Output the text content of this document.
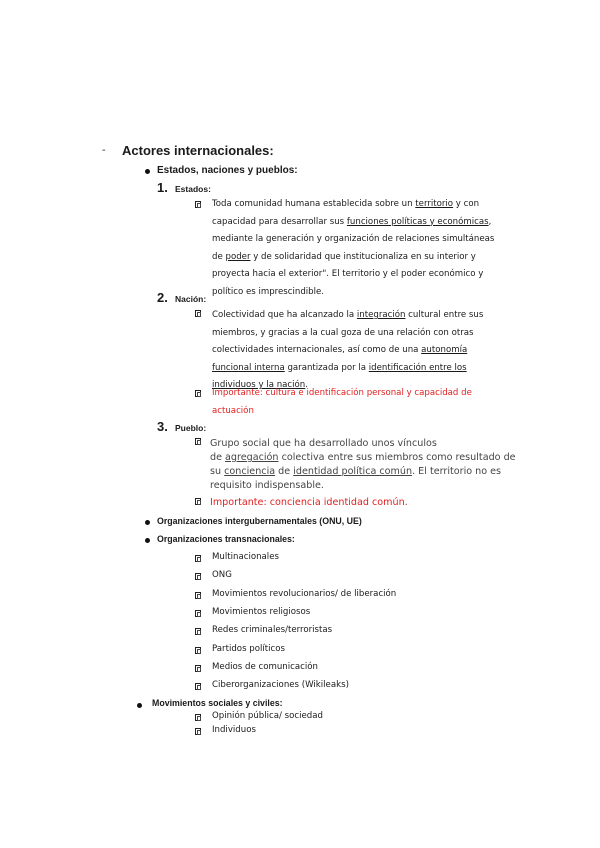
- Actores internacionales:
Estados, naciones y pueblos:
1. Estados:
Toda comunidad humana establecida sobre un territorio y con
capacidad para desarrollar sus funciones políticas y económicas,
mediante la generación y organización de relaciones simultáneas
de poder y de solidaridad que institucionaliza en su interior y
proyecta hacia el exterior". El territorio y el poder económico y
político es imprescindible.
2. Nación:
Colectividad que ha alcanzado la integración cultural entre sus
miembros, y gracias a la cual goza de una relación con otras
colectividades internacionales, así como de una autonomía
funcional interna garantizada por la identificación entre los
individuos y la nación.
Importante: cultura e identificación personal y capacidad de
actuación
3. Pueblo:
Grupo social que ha desarrollado unos vínculos
de agregación colectiva entre sus miembros como resultado de
su conciencia de identidad política común. El territorio no es
requisito indispensable.
Importante: conciencia identidad común.
Organizaciones intergubernamentales (ONU, UE)
Organizaciones transnacionales:
Multinacionales
ONG
Movimientos revolucionarios/ de liberación
Movimientos religiosos
Redes criminales/terroristas
Partidos políticos
Medios de comunicación
Ciberorganizaciones (Wikileaks)
Movimientos sociales y civiles:
Opinión pública/ sociedad
Individuos
